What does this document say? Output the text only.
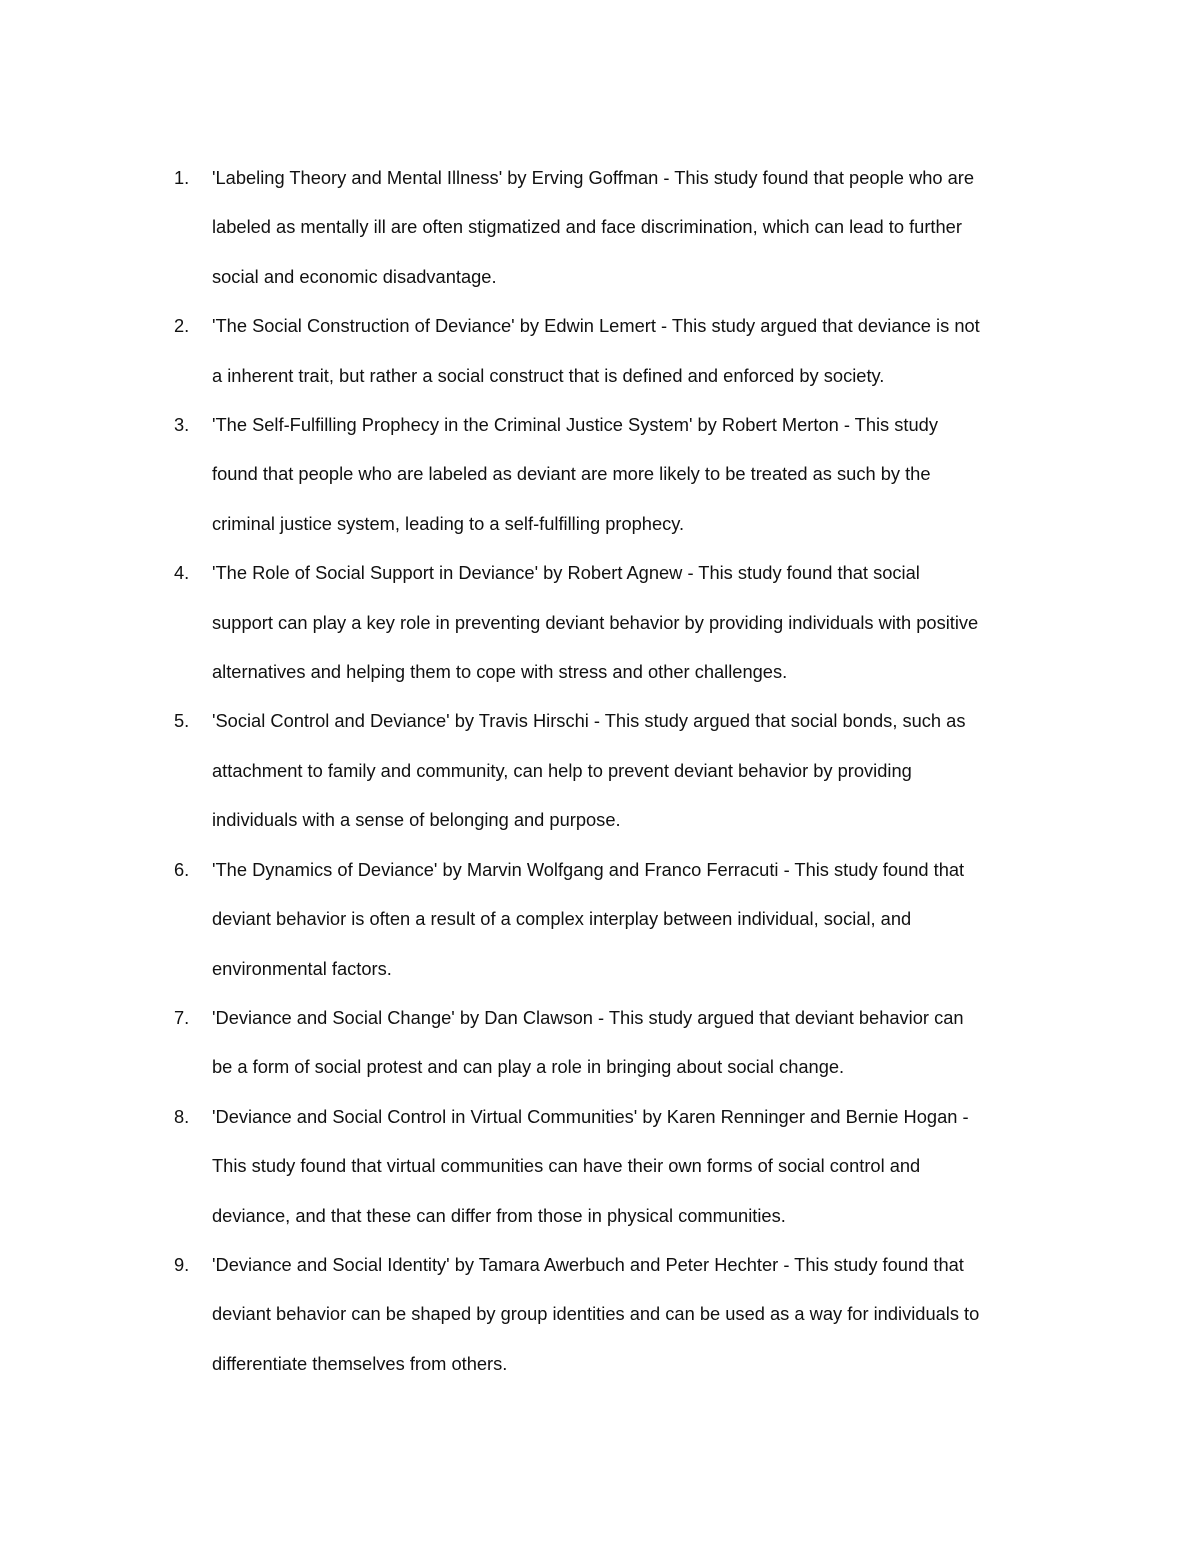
1.	'Labeling Theory and Mental Illness' by Erving Goffman - This study found that people who are
labeled as mentally ill are often stigmatized and face discrimination, which can lead to further
social and economic disadvantage.
2.	'The Social Construction of Deviance' by Edwin Lemert - This study argued that deviance is not
a inherent trait, but rather a social construct that is defined and enforced by society.
3.	'The Self-Fulfilling Prophecy in the Criminal Justice System' by Robert Merton - This study
found that people who are labeled as deviant are more likely to be treated as such by the
criminal justice system, leading to a self-fulfilling prophecy.
4.	'The Role of Social Support in Deviance' by Robert Agnew - This study found that social
support can play a key role in preventing deviant behavior by providing individuals with positive
alternatives and helping them to cope with stress and other challenges.
5.	'Social Control and Deviance' by Travis Hirschi - This study argued that social bonds, such as
attachment to family and community, can help to prevent deviant behavior by providing
individuals with a sense of belonging and purpose.
6.	'The Dynamics of Deviance' by Marvin Wolfgang and Franco Ferracuti - This study found that
deviant behavior is often a result of a complex interplay between individual, social, and
environmental factors.
7.	'Deviance and Social Change' by Dan Clawson - This study argued that deviant behavior can
be a form of social protest and can play a role in bringing about social change.
8.	'Deviance and Social Control in Virtual Communities' by Karen Renninger and Bernie Hogan -
This study found that virtual communities can have their own forms of social control and
deviance, and that these can differ from those in physical communities.
9.	'Deviance and Social Identity' by Tamara Awerbuch and Peter Hechter - This study found that
deviant behavior can be shaped by group identities and can be used as a way for individuals to
differentiate themselves from others.
